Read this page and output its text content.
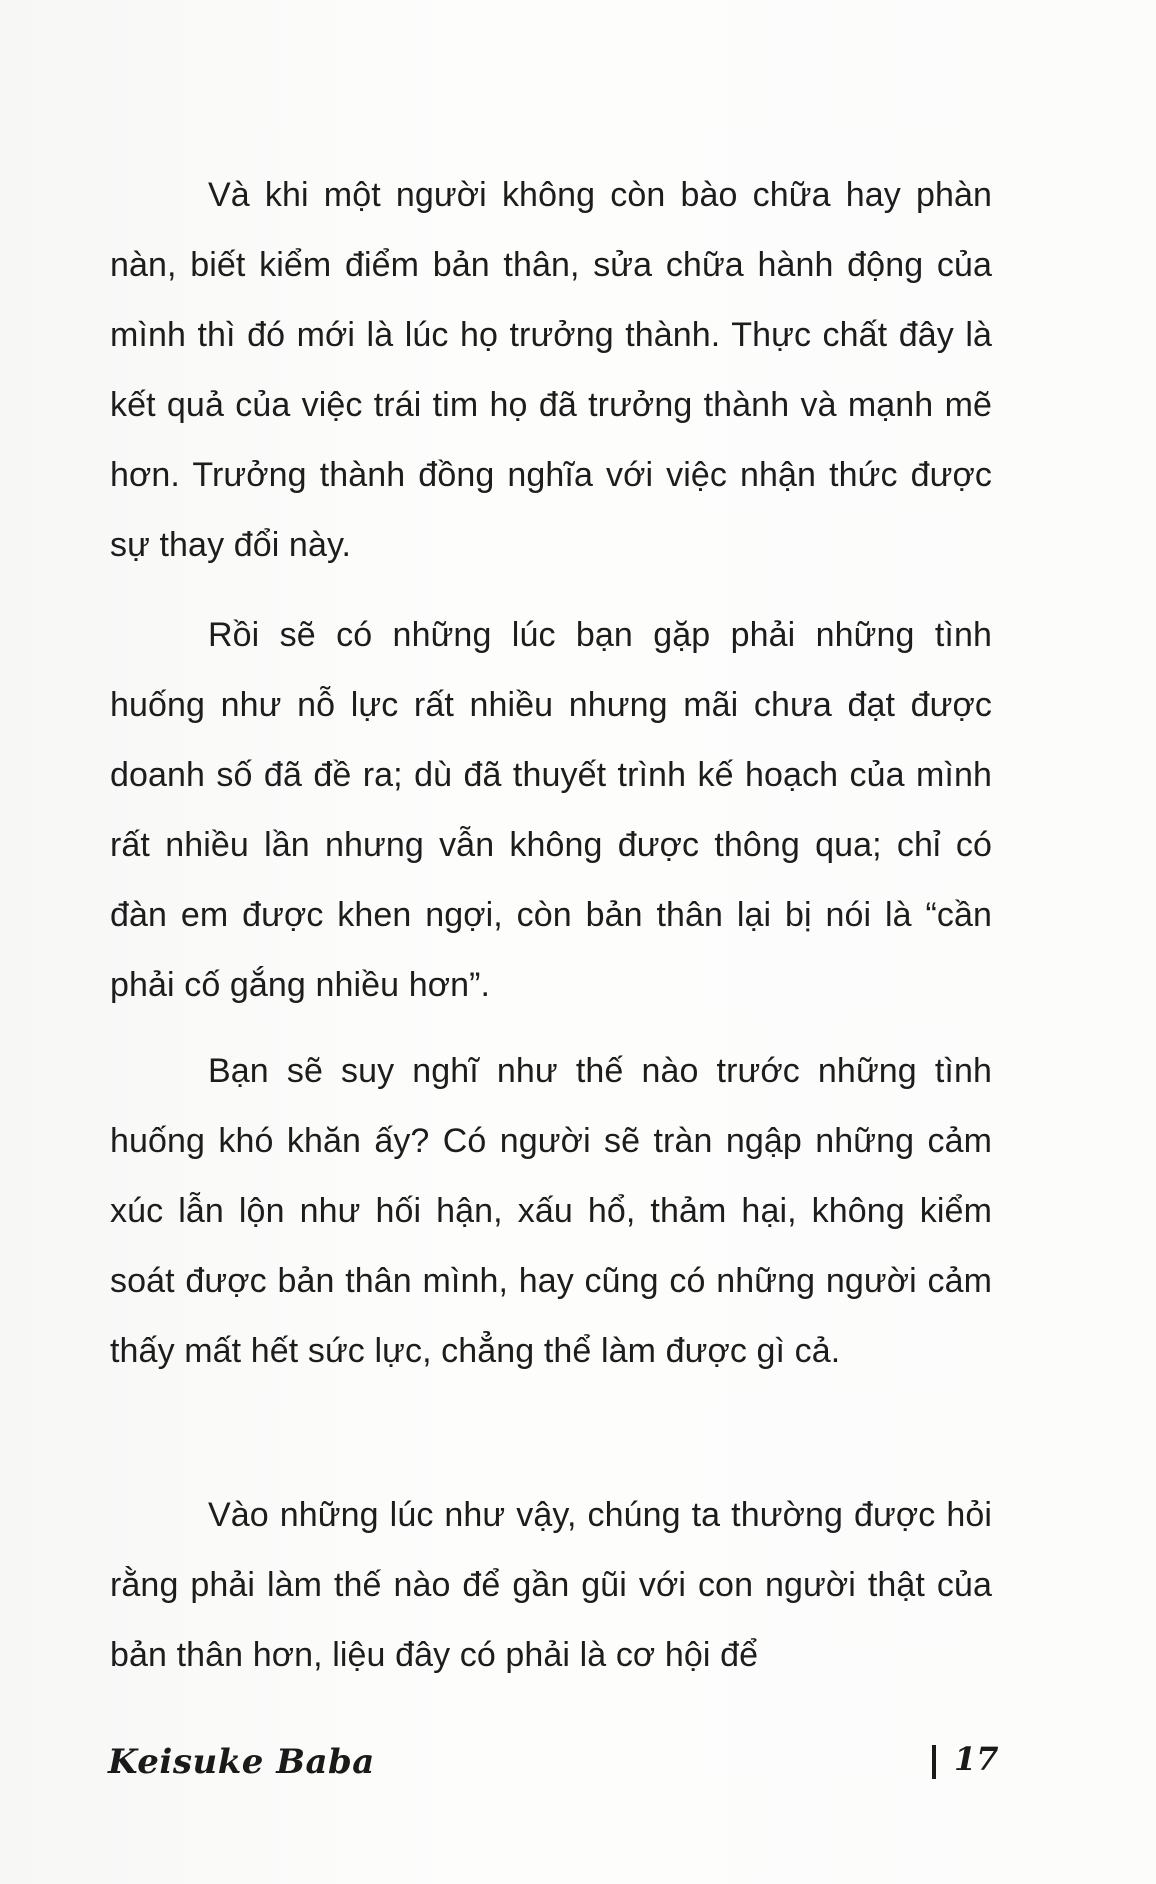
Và khi một người không còn bào chữa hay phàn nàn, biết kiểm điểm bản thân, sửa chữa hành động của mình thì đó mới là lúc họ trưởng thành. Thực chất đây là kết quả của việc trái tim họ đã trưởng thành và mạnh mẽ hơn. Trưởng thành đồng nghĩa với việc nhận thức được sự thay đổi này.

Rồi sẽ có những lúc bạn gặp phải những tình huống như nỗ lực rất nhiều nhưng mãi chưa đạt được doanh số đã đề ra; dù đã thuyết trình kế hoạch của mình rất nhiều lần nhưng vẫn không được thông qua; chỉ có đàn em được khen ngợi, còn bản thân lại bị nói là “cần phải cố gắng nhiều hơn”.

Bạn sẽ suy nghĩ như thế nào trước những tình huống khó khăn ấy? Có người sẽ tràn ngập những cảm xúc lẫn lộn như hối hận, xấu hổ, thảm hại, không kiểm soát được bản thân mình, hay cũng có những người cảm thấy mất hết sức lực, chẳng thể làm được gì cả.

Vào những lúc như vậy, chúng ta thường được hỏi rằng phải làm thế nào để gần gũi với con người thật của bản thân hơn, liệu đây có phải là cơ hội để

Keisuke Baba	17
